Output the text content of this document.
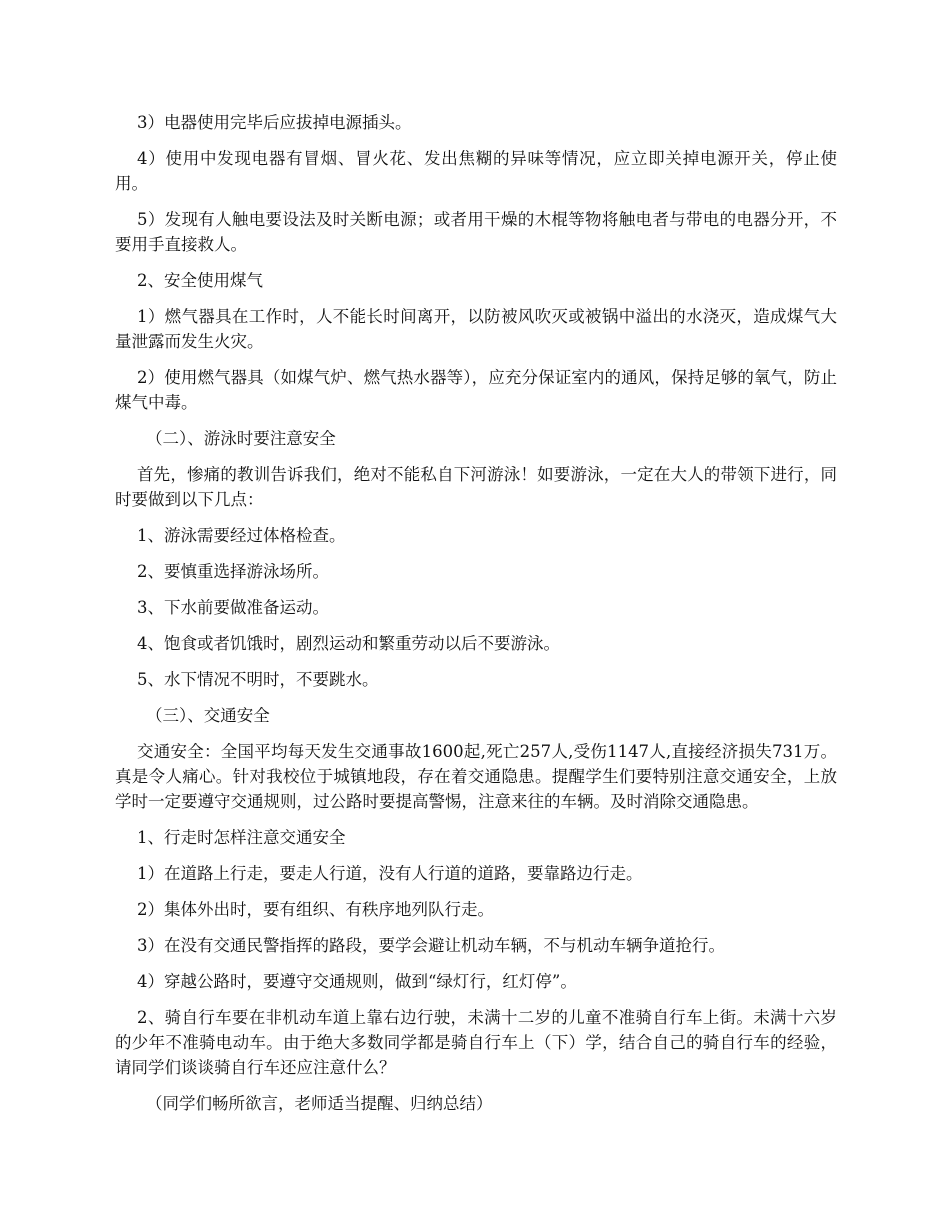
3）电器使用完毕后应拔掉电源插头。

4）使用中发现电器有冒烟、冒火花、发出焦糊的异味等情况，应立即关掉电源开关，停止使用。

5）发现有人触电要设法及时关断电源；或者用干燥的木棍等物将触电者与带电的电器分开，不要用手直接救人。

2、安全使用煤气

1）燃气器具在工作时，人不能长时间离开，以防被风吹灭或被锅中溢出的水浇灭，造成煤气大量泄露而发生火灾。

2）使用燃气器具（如煤气炉、燃气热水器等），应充分保证室内的通风，保持足够的氧气，防止煤气中毒。

（二）、游泳时要注意安全

首先，惨痛的教训告诉我们，绝对不能私自下河游泳！如要游泳，一定在大人的带领下进行，同时要做到以下几点：

1、游泳需要经过体格检查。

2、要慎重选择游泳场所。

3、下水前要做准备运动。

4、饱食或者饥饿时，剧烈运动和繁重劳动以后不要游泳。

5、水下情况不明时，不要跳水。

（三）、交通安全

交通安全：全国平均每天发生交通事故1600起,死亡257人,受伤1147人,直接经济损失731万。真是令人痛心。针对我校位于城镇地段，存在着交通隐患。提醒学生们要特别注意交通安全，上放学时一定要遵守交通规则，过公路时要提高警惕，注意来往的车辆。及时消除交通隐患。

1、行走时怎样注意交通安全

1）在道路上行走，要走人行道，没有人行道的道路，要靠路边行走。

2）集体外出时，要有组织、有秩序地列队行走。

3）在没有交通民警指挥的路段，要学会避让机动车辆，不与机动车辆争道抢行。

4）穿越公路时，要遵守交通规则，做到“绿灯行，红灯停”。

2、骑自行车要在非机动车道上靠右边行驶，未满十二岁的儿童不准骑自行车上街。未满十六岁的少年不准骑电动车。由于绝大多数同学都是骑自行车上（下）学，结合自己的骑自行车的经验，请同学们谈谈骑自行车还应注意什么？

（同学们畅所欲言，老师适当提醒、归纳总结）
